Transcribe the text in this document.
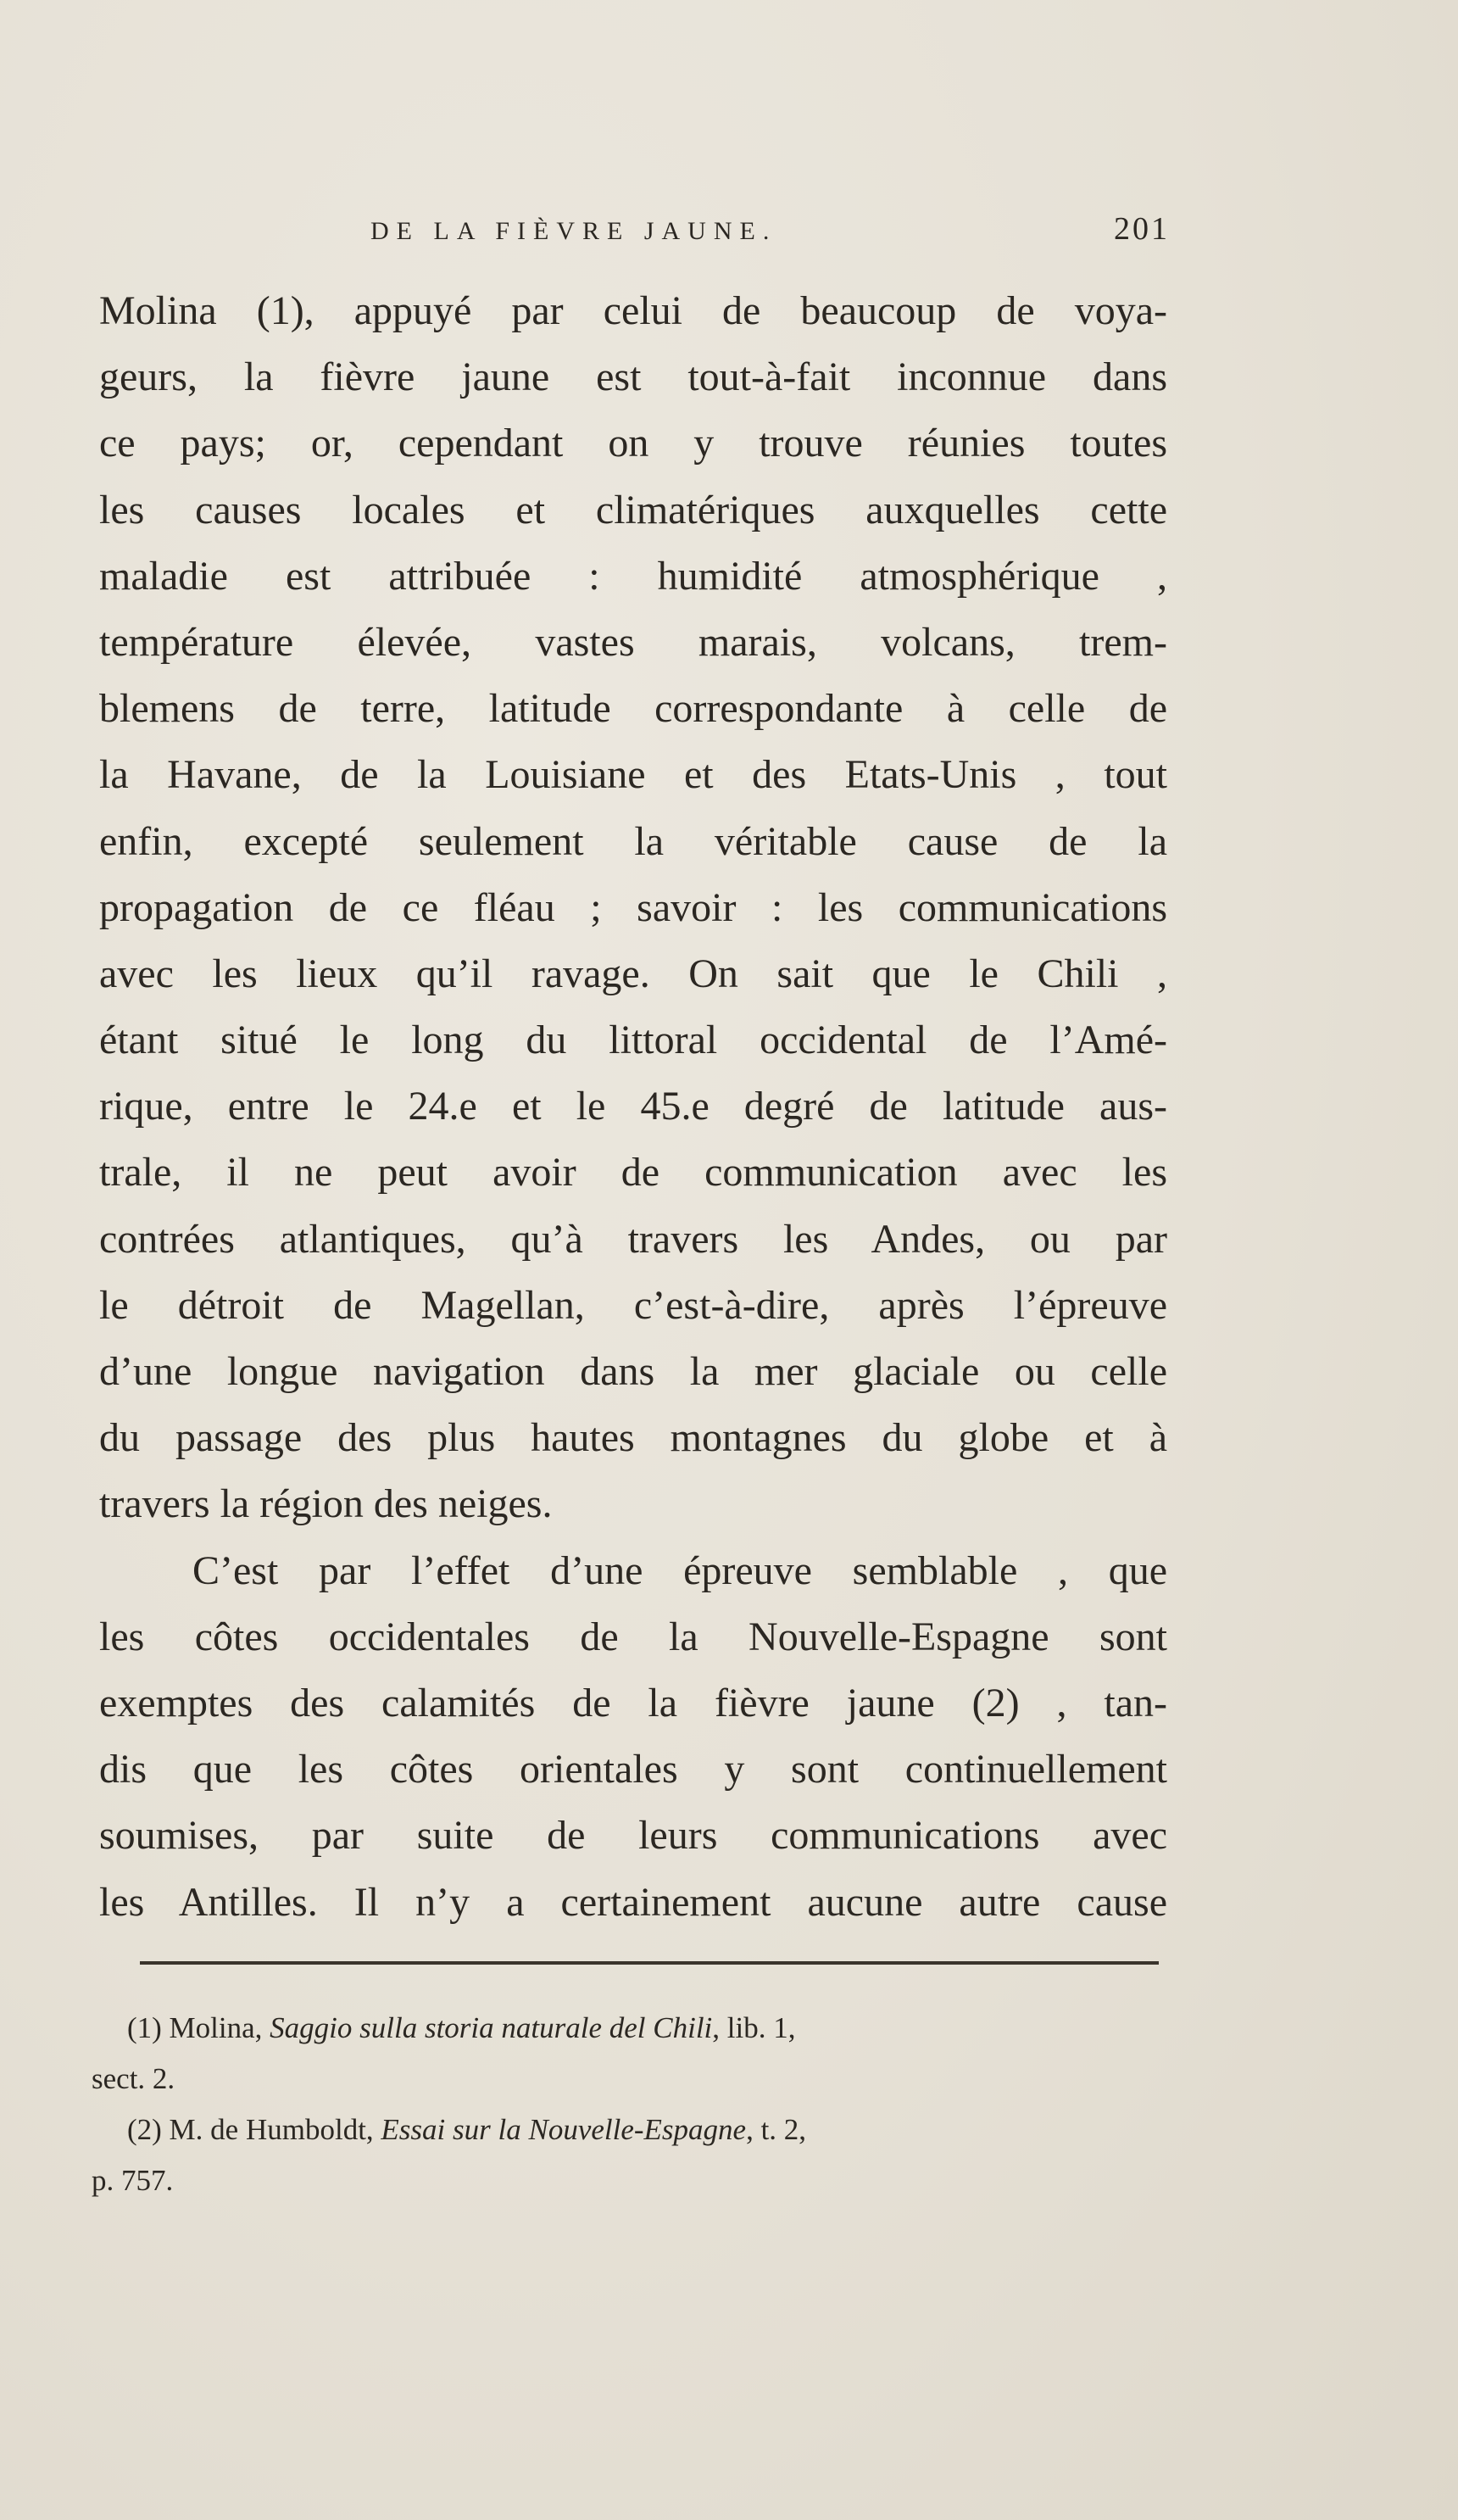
DE LA FIÈVRE JAUNE.	201
Molina (1), appuyé par celui de beaucoup de voya-
geurs, la fièvre jaune est tout-à-fait inconnue dans
ce pays; or, cependant on y trouve réunies toutes
les causes locales et climatériques auxquelles cette
maladie est attribuée : humidité atmosphérique ,
température élevée, vastes marais, volcans, trem-
blemens de terre, latitude correspondante à celle de
la Havane, de la Louisiane et des Etats-Unis , tout
enfin, excepté seulement la véritable cause de la
propagation de ce fléau ; savoir : les communications
avec les lieux qu’il ravage. On sait que le Chili ,
étant situé le long du littoral occidental de l’Amé-
rique, entre le 24.e et le 45.e degré de latitude aus-
trale, il ne peut avoir de communication avec les
contrées atlantiques, qu’à travers les Andes, ou par
le détroit de Magellan, c’est-à-dire, après l’épreuve
d’une longue navigation dans la mer glaciale ou celle
du passage des plus hautes montagnes du globe et à
travers la région des neiges.
C’est par l’effet d’une épreuve semblable , que
les côtes occidentales de la Nouvelle-Espagne sont
exemptes des calamités de la fièvre jaune (2) , tan-
dis que les côtes orientales y sont continuellement
soumises, par suite de leurs communications avec
les Antilles. Il n’y a certainement aucune autre cause
(1) Molina, Saggio sulla storia naturale del Chili, lib. 1,
sect. 2.
(2) M. de Humboldt, Essai sur la Nouvelle-Espagne, t. 2,
p. 757.
